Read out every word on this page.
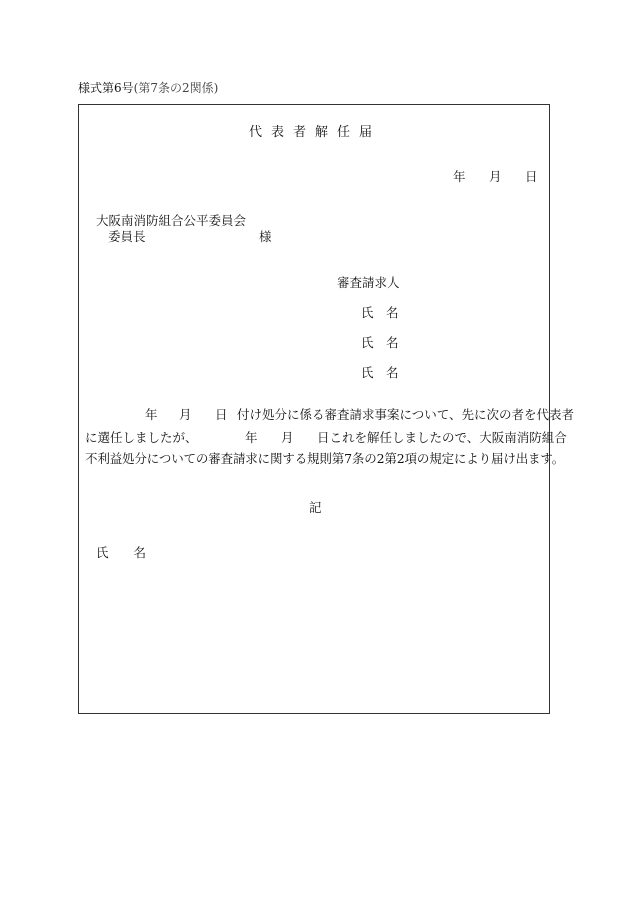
様式第6号(第7条の2関係)
代表者解任届
年 月 日
大阪南消防組合公平委員会
委員長	様
審査請求人
氏　名
氏　名
氏　名
年 月 日 付け処分に係る審査請求事案について、先に次の者を代表者
に選任しましたが、	年 月 日これを解任しましたので、大阪南消防組合
不利益処分についての審査請求に関する規則第7条の2第2項の規定により届け出ます。
記
氏　　名
